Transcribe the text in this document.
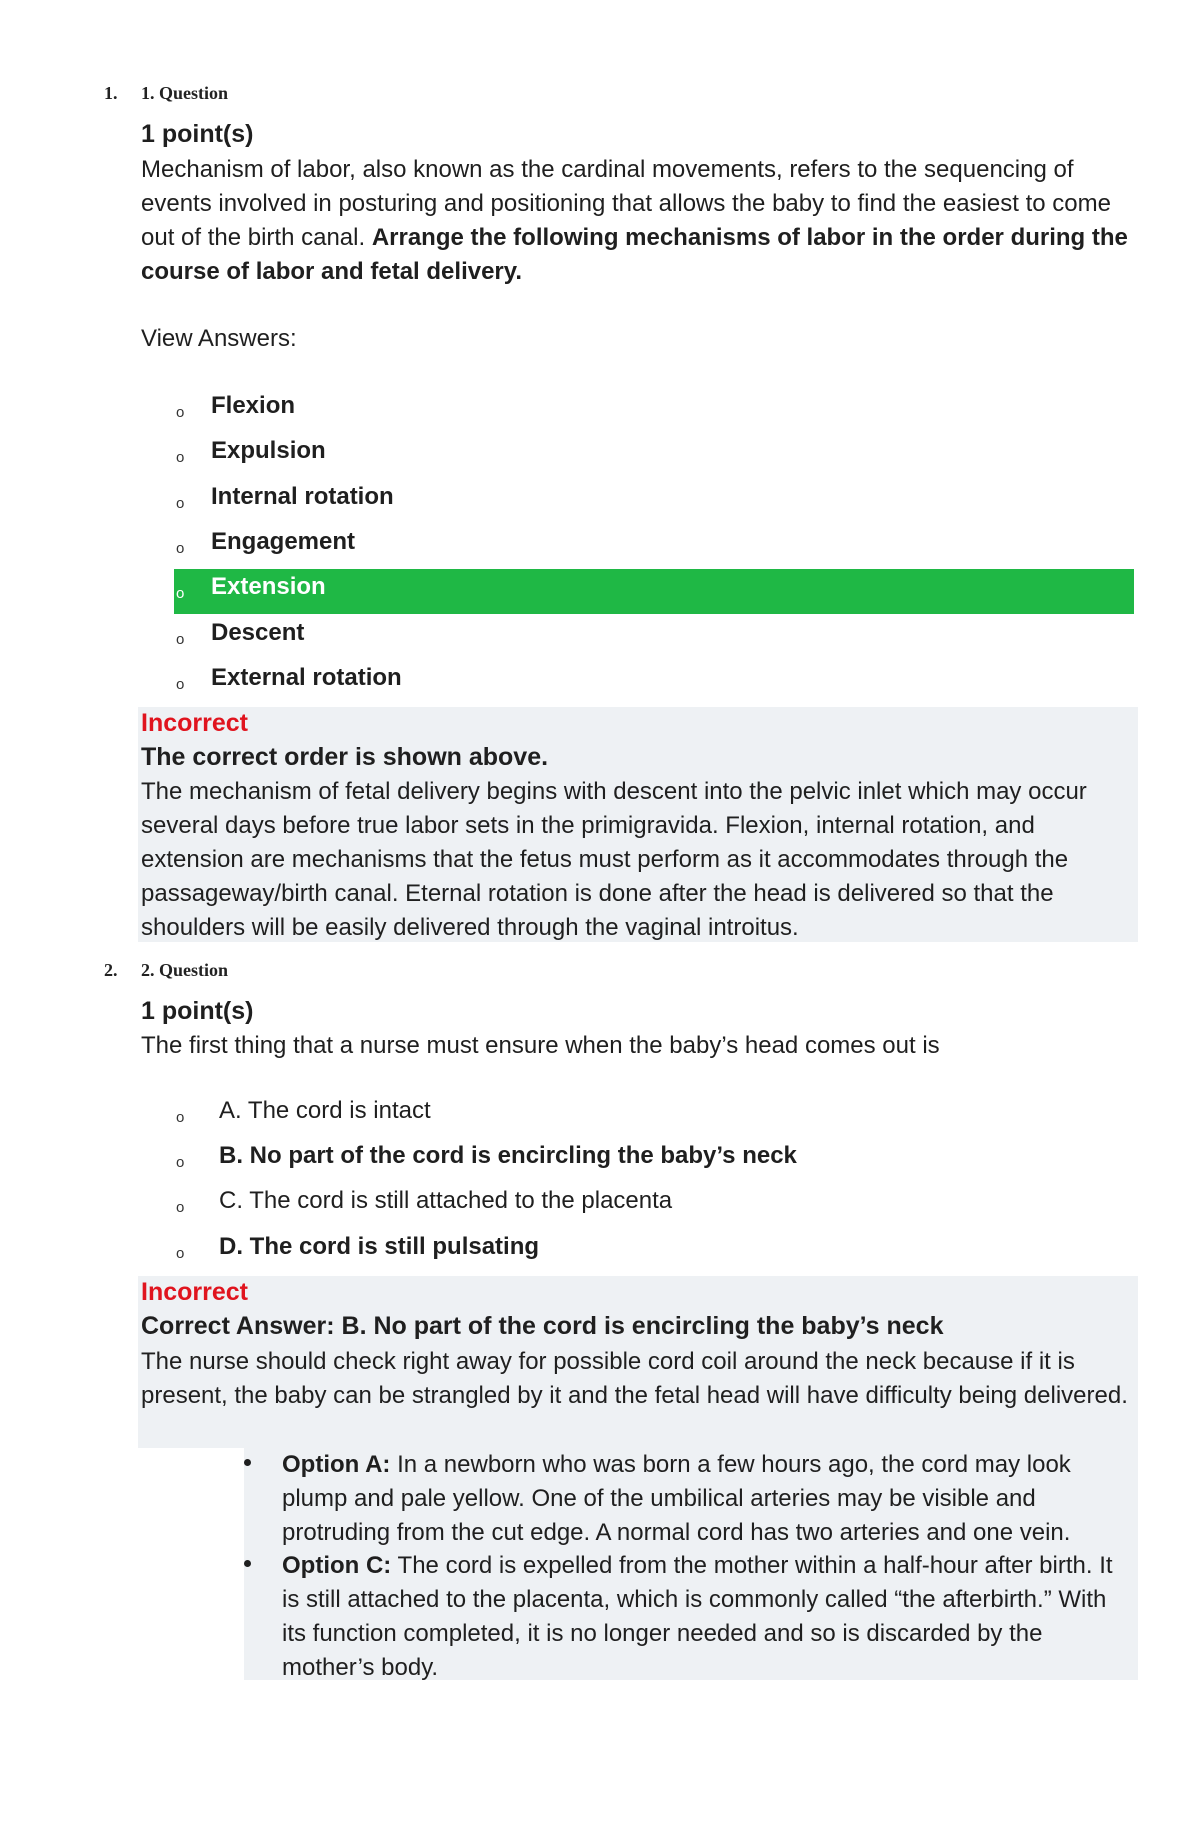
1. 1. Question
1 point(s)

Mechanism of labor, also known as the cardinal movements, refers to the sequencing of events involved in posturing and positioning that allows the baby to find the easiest to come out of the birth canal. Arrange the following mechanisms of labor in the order during the course of labor and fetal delivery.

View Answers:
o Flexion
o Expulsion
o Internal rotation
o Engagement
o Extension
o Descent
o External rotation
Incorrect
The correct order is shown above.

The mechanism of fetal delivery begins with descent into the pelvic inlet which may occur several days before true labor sets in the primigravida. Flexion, internal rotation, and extension are mechanisms that the fetus must perform as it accommodates through the passageway/birth canal. Eternal rotation is done after the head is delivered so that the shoulders will be easily delivered through the vaginal introitus.

2. 2. Question
1 point(s)

The first thing that a nurse must ensure when the baby’s head comes out is

o A. The cord is intact
o B. No part of the cord is encircling the baby’s neck
o C. The cord is still attached to the placenta
o D. The cord is still pulsating
Incorrect
Correct Answer: B. No part of the cord is encircling the baby’s neck

The nurse should check right away for possible cord coil around the neck because if it is present, the baby can be strangled by it and the fetal head will have difficulty being delivered.

Option A: In a newborn who was born a few hours ago, the cord may look plump and pale yellow. One of the umbilical arteries may be visible and protruding from the cut edge. A normal cord has two arteries and one vein.

Option C: The cord is expelled from the mother within a half-hour after birth. It is still attached to the placenta, which is commonly called “the afterbirth.” With its function completed, it is no longer needed and so is discarded by the mother’s body.
